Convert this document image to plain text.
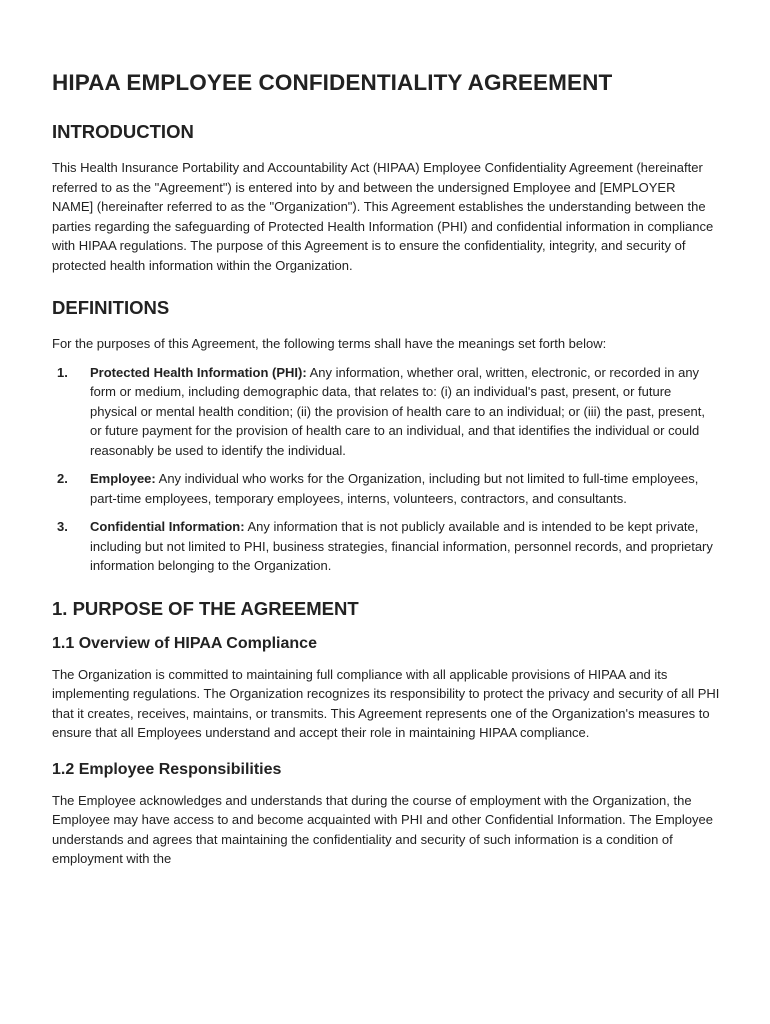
HIPAA EMPLOYEE CONFIDENTIALITY AGREEMENT
INTRODUCTION

This Health Insurance Portability and Accountability Act (HIPAA) Employee Confidentiality Agreement (hereinafter referred to as the "Agreement") is entered into by and between the undersigned Employee and [EMPLOYER NAME] (hereinafter referred to as the "Organization"). This Agreement establishes the understanding between the parties regarding the safeguarding of Protected Health Information (PHI) and confidential information in compliance with HIPAA regulations. The purpose of this Agreement is to ensure the confidentiality, integrity, and security of protected health information within the Organization.

DEFINITIONS

For the purposes of this Agreement, the following terms shall have the meanings set forth below:

1.	Protected Health Information (PHI): Any information, whether oral, written, electronic, or recorded in any form or medium, including demographic data, that relates to: (i) an individual's past, present, or future physical or mental health condition; (ii) the provision of health care to an individual; or (iii) the past, present, or future payment for the provision of health care to an individual, and that identifies the individual or could reasonably be used to identify the individual.
2.	Employee: Any individual who works for the Organization, including but not limited to full-time employees, part-time employees, temporary employees, interns, volunteers, contractors, and consultants.
3.	Confidential Information: Any information that is not publicly available and is intended to be kept private, including but not limited to PHI, business strategies, financial information, personnel records, and proprietary information belonging to the Organization.
1. PURPOSE OF THE AGREEMENT
1.1 Overview of HIPAA Compliance

The Organization is committed to maintaining full compliance with all applicable provisions of HIPAA and its implementing regulations. The Organization recognizes its responsibility to protect the privacy and security of all PHI that it creates, receives, maintains, or transmits. This Agreement represents one of the Organization's measures to ensure that all Employees understand and accept their role in maintaining HIPAA compliance.

1.2 Employee Responsibilities

The Employee acknowledges and understands that during the course of employment with the Organization, the Employee may have access to and become acquainted with PHI and other Confidential Information. The Employee understands and agrees that maintaining the confidentiality and security of such information is a condition of employment with the
